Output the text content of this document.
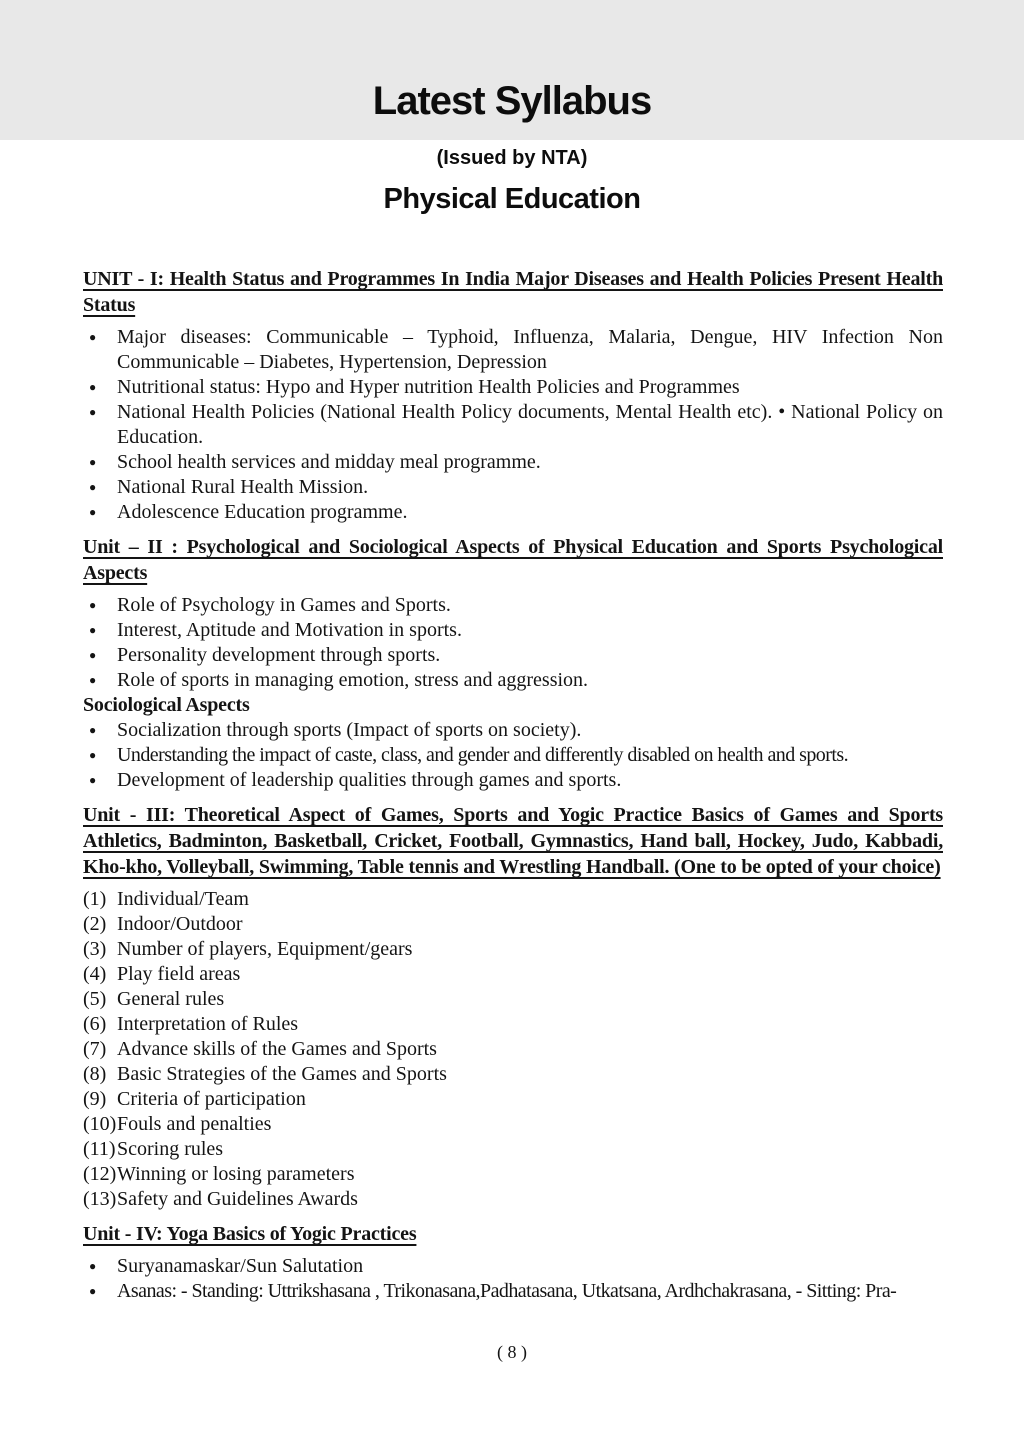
Latest Syllabus
(Issued by NTA)
Physical Education
UNIT - I: Health Status and Programmes In India Major Diseases and Health Policies Present Health Status
● Major diseases: Communicable – Typhoid, Influenza, Malaria, Dengue, HIV Infection Non Communicable – Diabetes, Hypertension, Depression
● Nutritional status: Hypo and Hyper nutrition Health Policies and Programmes
● National Health Policies (National Health Policy documents, Mental Health etc). • National Policy on Education.
● School health services and midday meal programme.
● National Rural Health Mission.
● Adolescence Education programme.
Unit – II : Psychological and Sociological Aspects of Physical Education and Sports Psychological Aspects
● Role of Psychology in Games and Sports.
● Interest, Aptitude and Motivation in sports.
● Personality development through sports.
● Role of sports in managing emotion, stress and aggression.
Sociological Aspects
● Socialization through sports (Impact of sports on society).
● Understanding the impact of caste, class, and gender and differently disabled on health and sports.
● Development of leadership qualities through games and sports.
Unit - III: Theoretical Aspect of Games, Sports and Yogic Practice Basics of Games and Sports Athletics, Badminton, Basketball, Cricket, Football, Gymnastics, Hand ball, Hockey, Judo, Kabbadi, Kho-kho, Volleyball, Swimming, Table tennis and Wrestling Handball. (One to be opted of your choice)
(1) Individual/Team
(2) Indoor/Outdoor
(3) Number of players, Equipment/gears
(4) Play field areas
(5) General rules
(6) Interpretation of Rules
(7) Advance skills of the Games and Sports
(8) Basic Strategies of the Games and Sports
(9) Criteria of participation
(10) Fouls and penalties
(11) Scoring rules
(12) Winning or losing parameters
(13) Safety and Guidelines Awards
Unit - IV: Yoga Basics of Yogic Practices
● Suryanamaskar/Sun Salutation
● Asanas: - Standing: Uttrikshasana , Trikonasana,Padhatasana, Utkatsana, Ardhchakrasana, - Sitting: Pra-
( 8 )
